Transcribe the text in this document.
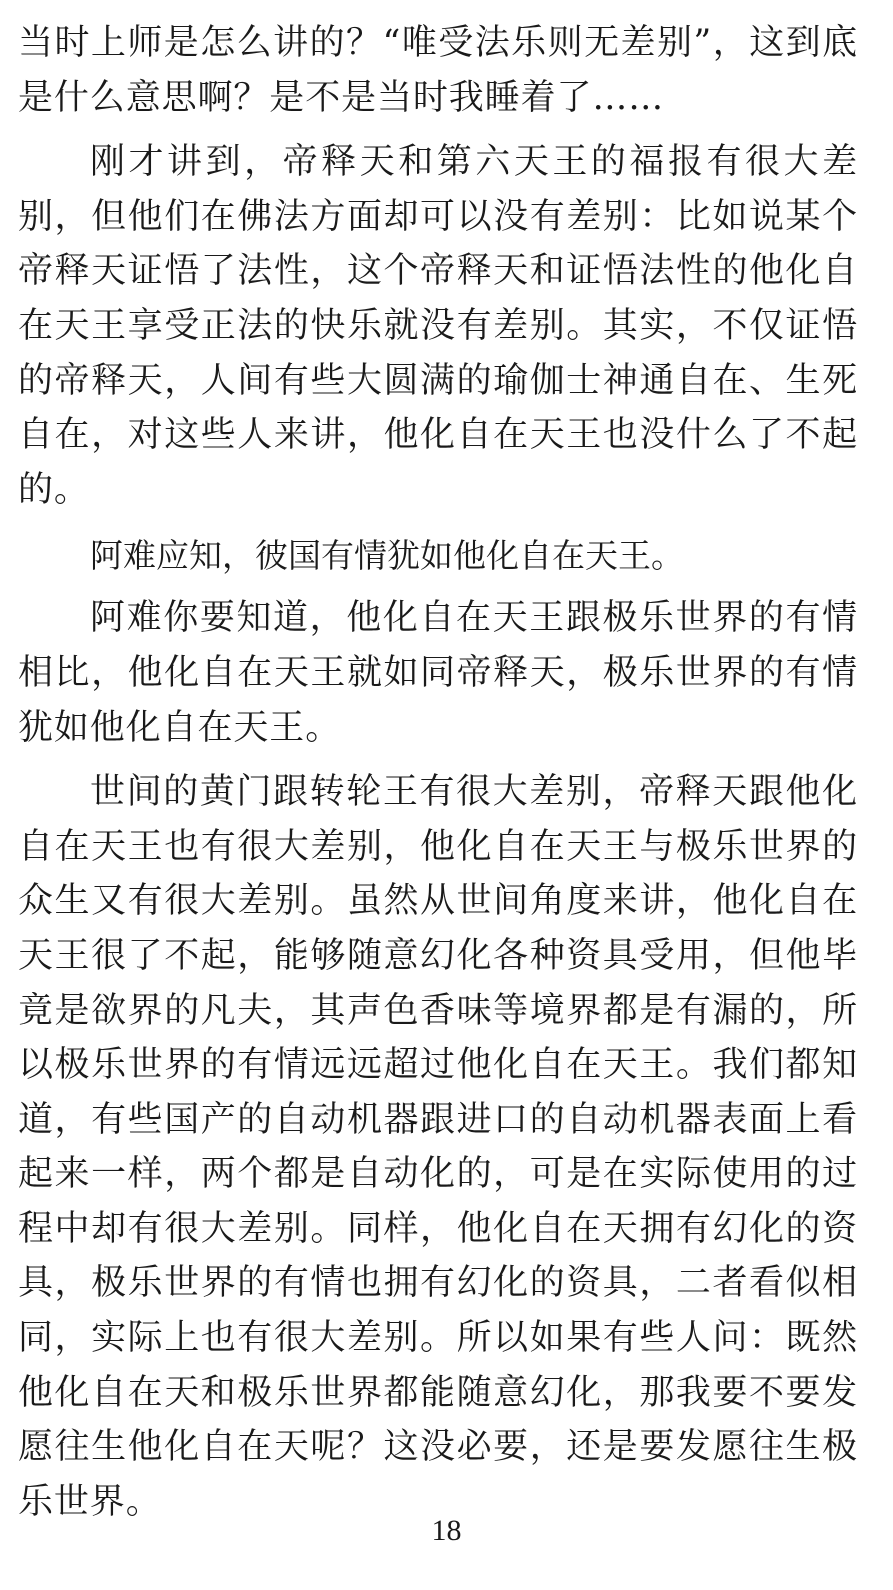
当时上师是怎么讲的？“唯受法乐则无差别”，这到底是什么意思啊？是不是当时我睡着了……

刚才讲到，帝释天和第六天王的福报有很大差别，但他们在佛法方面却可以没有差别：比如说某个帝释天证悟了法性，这个帝释天和证悟法性的他化自在天王享受正法的快乐就没有差别。其实，不仅证悟的帝释天，人间有些大圆满的瑜伽士神通自在、生死自在，对这些人来讲，他化自在天王也没什么了不起的。

阿难应知，彼国有情犹如他化自在天王。

阿难你要知道，他化自在天王跟极乐世界的有情相比，他化自在天王就如同帝释天，极乐世界的有情犹如他化自在天王。

世间的黄门跟转轮王有很大差别，帝释天跟他化自在天王也有很大差别，他化自在天王与极乐世界的众生又有很大差别。虽然从世间角度来讲，他化自在天王很了不起，能够随意幻化各种资具受用，但他毕竟是欲界的凡夫，其声色香味等境界都是有漏的，所以极乐世界的有情远远超过他化自在天王。我们都知道，有些国产的自动机器跟进口的自动机器表面上看起来一样，两个都是自动化的，可是在实际使用的过程中却有很大差别。同样，他化自在天拥有幻化的资具，极乐世界的有情也拥有幻化的资具，二者看似相同，实际上也有很大差别。所以如果有些人问：既然他化自在天和极乐世界都能随意幻化，那我要不要发愿往生他化自在天呢？这没必要，还是要发愿往生极乐世界。

18
